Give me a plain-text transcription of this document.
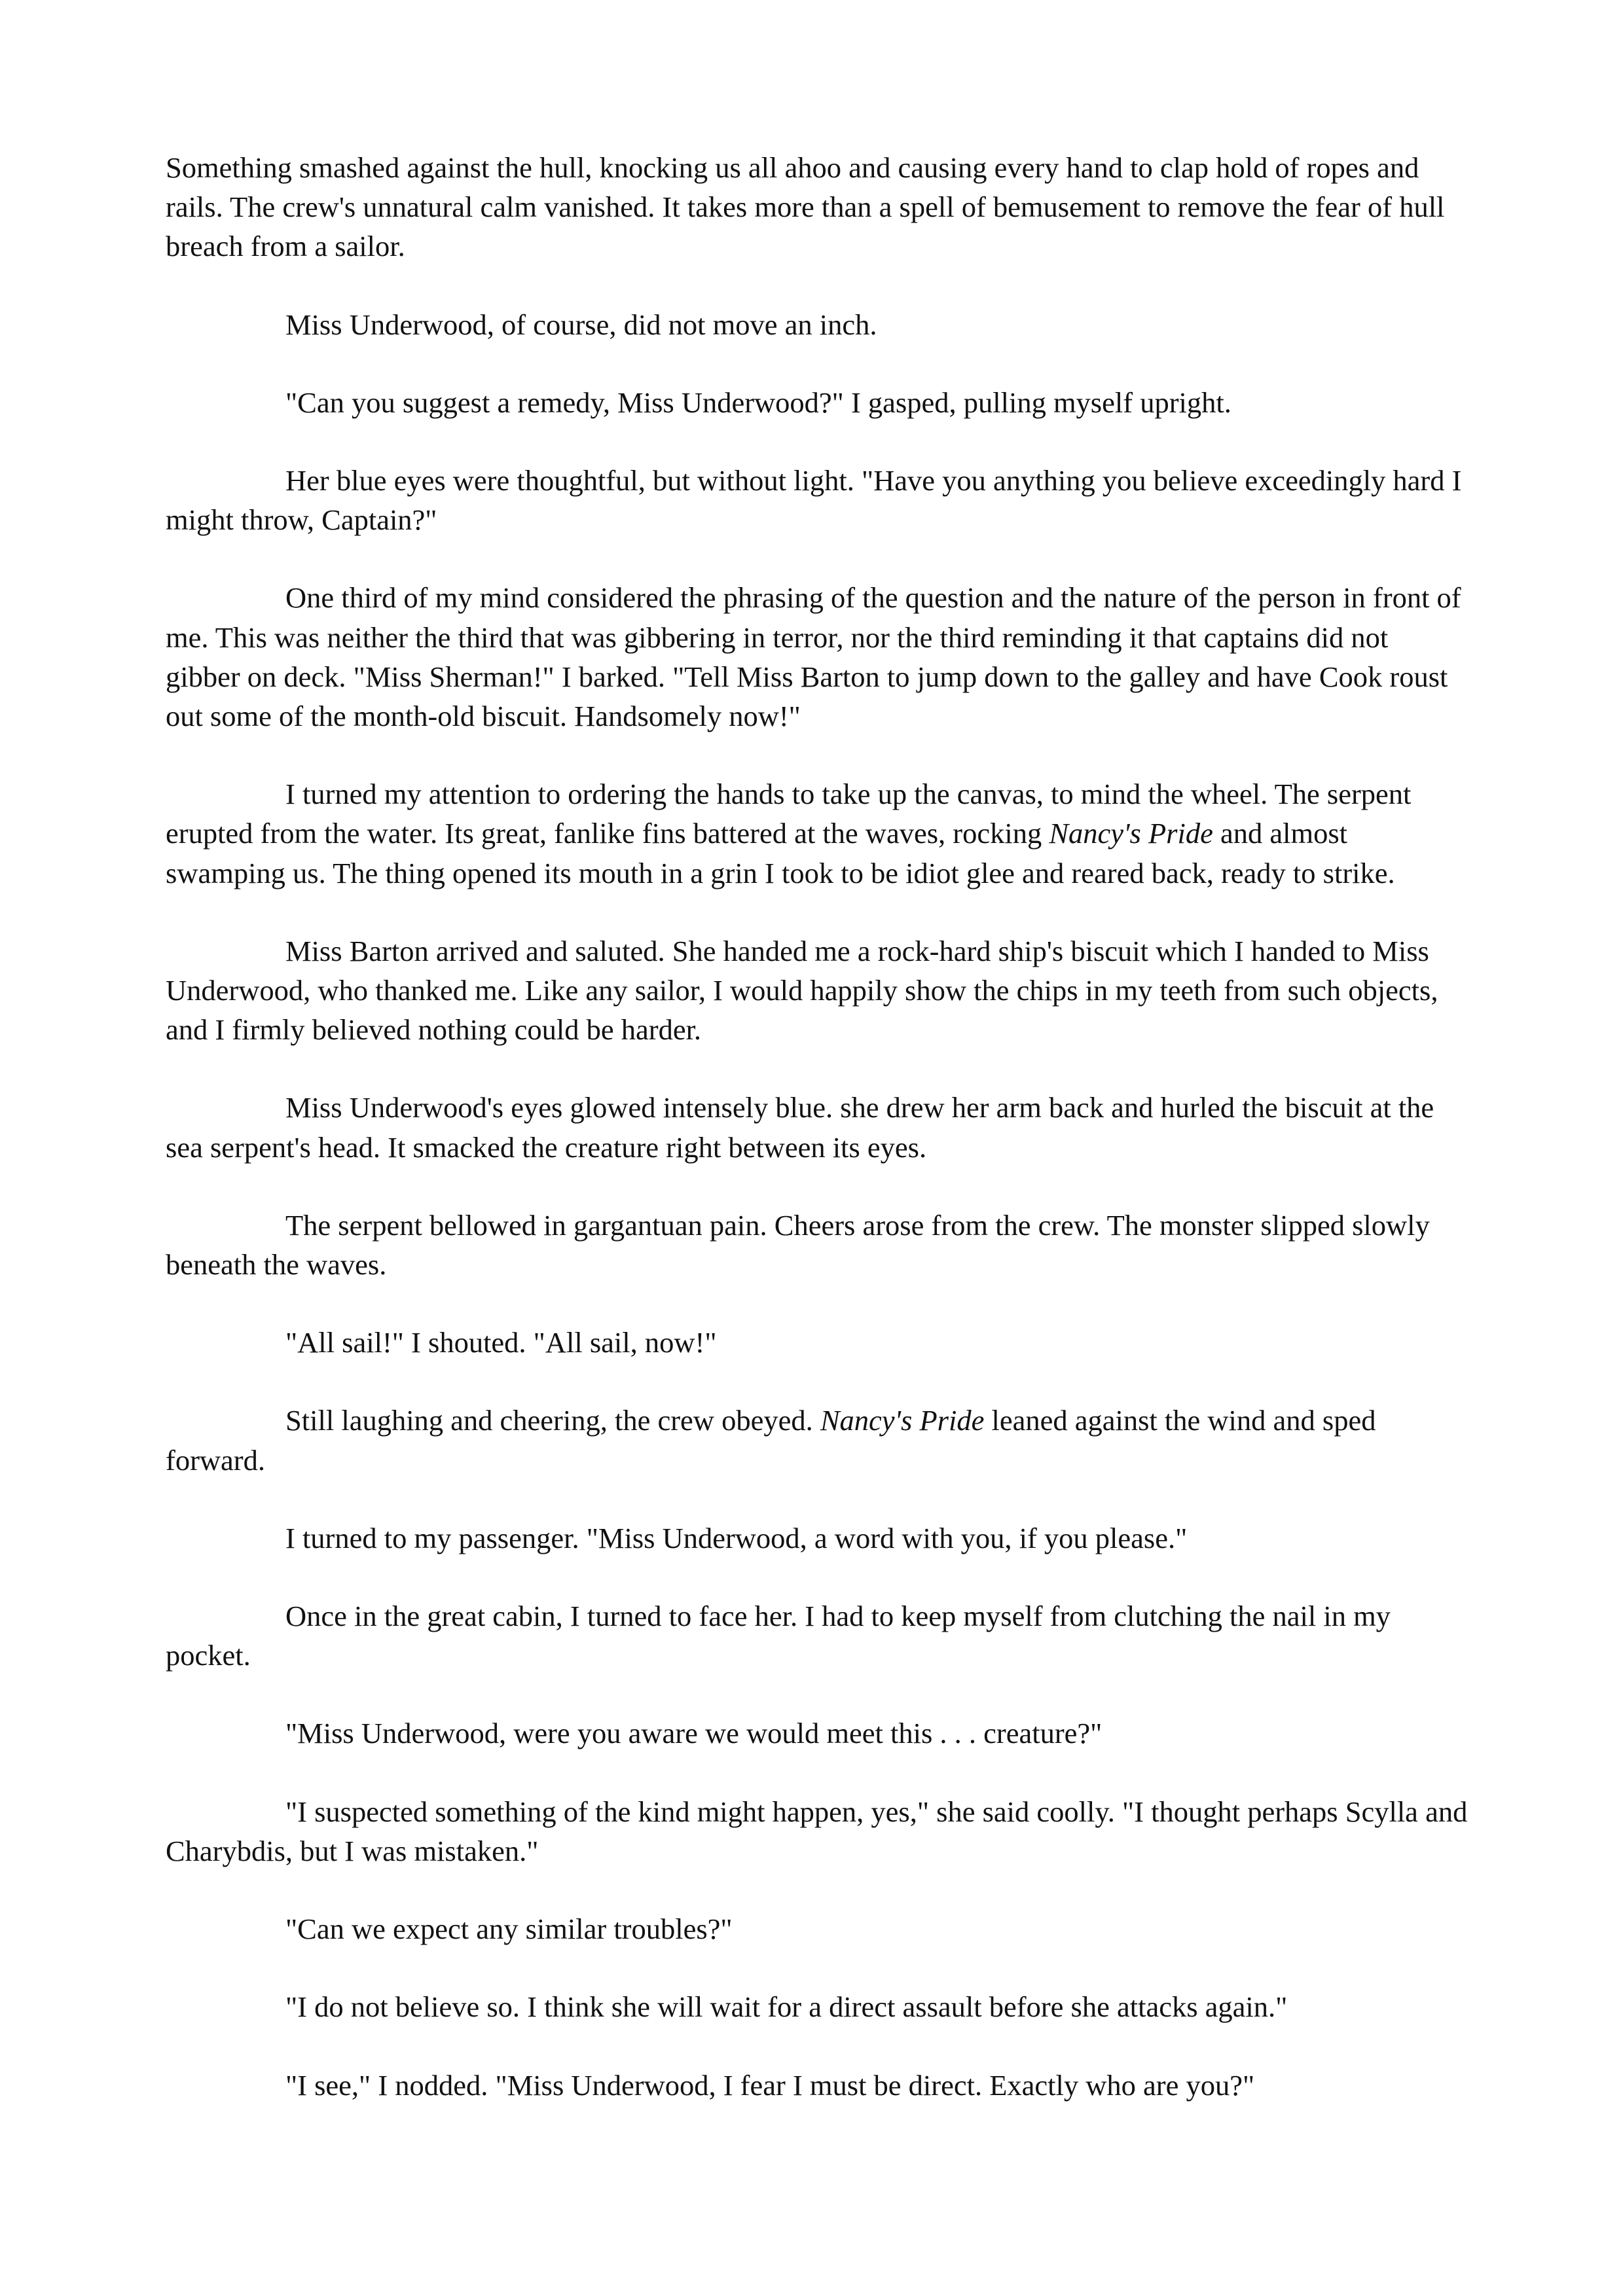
Something smashed against the hull, knocking us all ahoo and causing every hand to clap hold of ropes and rails. The crew's unnatural calm vanished. It takes more than a spell of bemusement to remove the fear of hull breach from a sailor.

Miss Underwood, of course, did not move an inch.

"Can you suggest a remedy, Miss Underwood?" I gasped, pulling myself upright.

Her blue eyes were thoughtful, but without light. "Have you anything you believe exceedingly hard I might throw, Captain?"

One third of my mind considered the phrasing of the question and the nature of the person in front of me. This was neither the third that was gibbering in terror, nor the third reminding it that captains did not gibber on deck. "Miss Sherman!" I barked. "Tell Miss Barton to jump down to the galley and have Cook roust out some of the month-old biscuit. Handsomely now!"

I turned my attention to ordering the hands to take up the canvas, to mind the wheel. The serpent erupted from the water. Its great, fanlike fins battered at the waves, rocking Nancy's Pride and almost swamping us. The thing opened its mouth in a grin I took to be idiot glee and reared back, ready to strike.

Miss Barton arrived and saluted. She handed me a rock-hard ship's biscuit which I handed to Miss Underwood, who thanked me. Like any sailor, I would happily show the chips in my teeth from such objects, and I firmly believed nothing could be harder.

Miss Underwood's eyes glowed intensely blue. she drew her arm back and hurled the biscuit at the sea serpent's head. It smacked the creature right between its eyes.

The serpent bellowed in gargantuan pain. Cheers arose from the crew. The monster slipped slowly beneath the waves.

"All sail!" I shouted. "All sail, now!"

Still laughing and cheering, the crew obeyed. Nancy's Pride leaned against the wind and sped forward.

I turned to my passenger. "Miss Underwood, a word with you, if you please."

Once in the great cabin, I turned to face her. I had to keep myself from clutching the nail in my pocket.

"Miss Underwood, were you aware we would meet this . . . creature?"

"I suspected something of the kind might happen, yes," she said coolly. "I thought perhaps Scylla and Charybdis, but I was mistaken."

"Can we expect any similar troubles?"

"I do not believe so. I think she will wait for a direct assault before she attacks again."

"I see," I nodded. "Miss Underwood, I fear I must be direct. Exactly who are you?"
